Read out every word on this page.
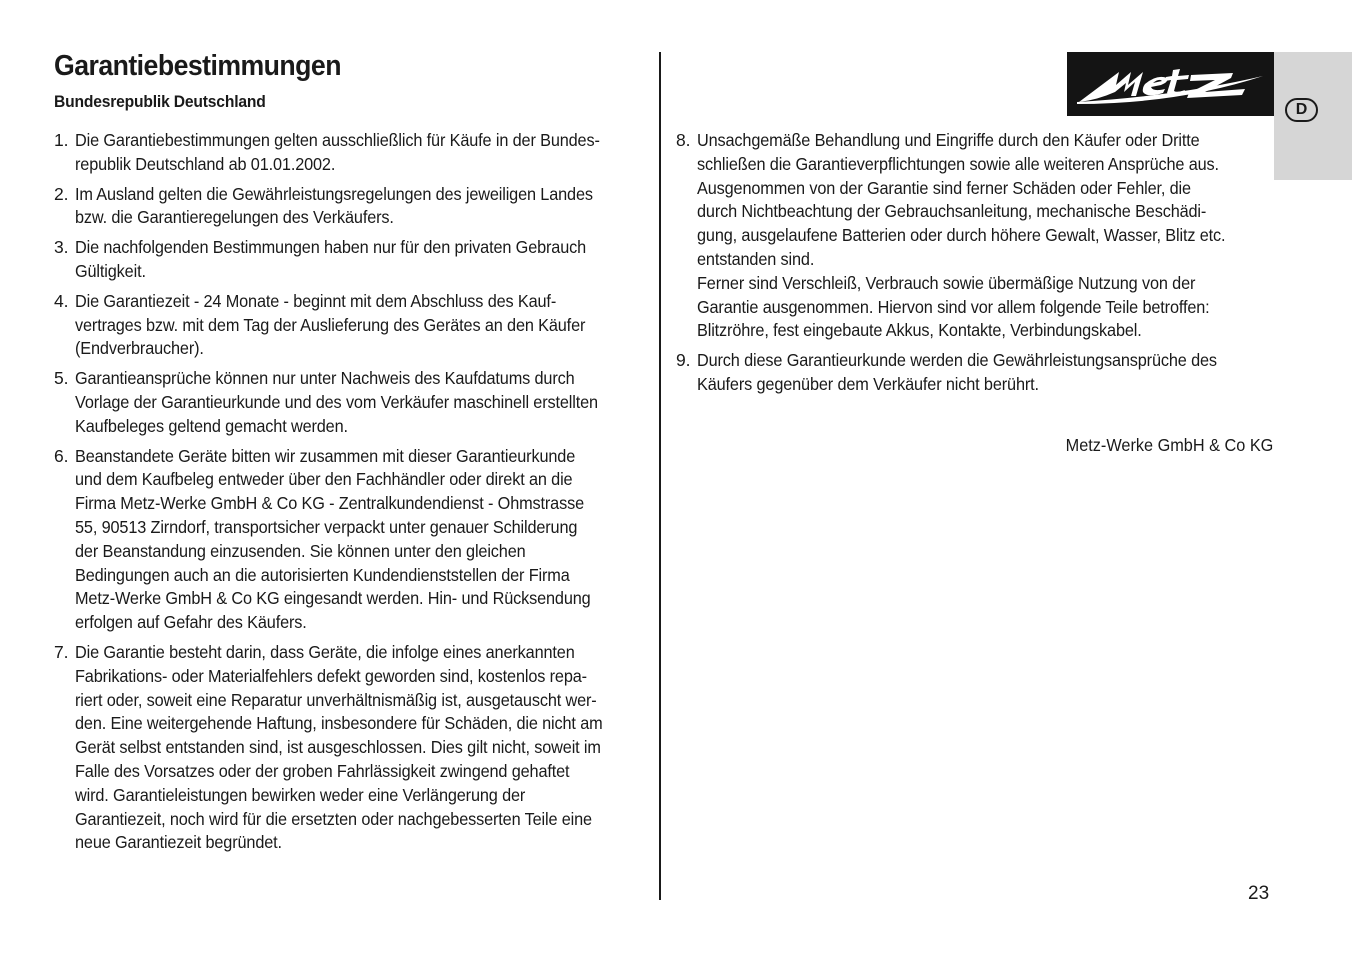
Garantiebestimmungen
Bundesrepublik Deutschland
1. Die Garantiebestimmungen gelten ausschließlich für Käufe in der Bundes-
republik Deutschland ab 01.01.2002.
2. Im Ausland gelten die Gewährleistungsregelungen des jeweiligen Landes
bzw. die Garantieregelungen des Verkäufers.
3. Die nachfolgenden Bestimmungen haben nur für den privaten Gebrauch
Gültigkeit.
4. Die Garantiezeit - 24 Monate - beginnt mit dem Abschluss des Kauf-
vertrages bzw. mit dem Tag der Auslieferung des Gerätes an den Käufer
(Endverbraucher).
5. Garantieansprüche können nur unter Nachweis des Kaufdatums durch
Vorlage der Garantieurkunde und des vom Verkäufer maschinell erstellten
Kaufbeleges geltend gemacht werden.
6. Beanstandete Geräte bitten wir zusammen mit dieser Garantieurkunde
und dem Kaufbeleg entweder über den Fachhändler oder direkt an die
Firma Metz-Werke GmbH & Co KG - Zentralkundendienst - Ohmstrasse
55, 90513 Zirndorf, transportsicher verpackt unter genauer Schilderung
der Beanstandung einzusenden. Sie können unter den gleichen
Bedingungen auch an die autorisierten Kundendienststellen der Firma
Metz-Werke GmbH & Co KG eingesandt werden. Hin- und Rücksendung
erfolgen auf Gefahr des Käufers.
7. Die Garantie besteht darin, dass Geräte, die infolge eines anerkannten
Fabrikations- oder Materialfehlers defekt geworden sind, kostenlos repa-
riert oder, soweit eine Reparatur unverhältnismäßig ist, ausgetauscht wer-
den. Eine weitergehende Haftung, insbesondere für Schäden, die nicht am
Gerät selbst entstanden sind, ist ausgeschlossen. Dies gilt nicht, soweit im
Falle des Vorsatzes oder der groben Fahrlässigkeit zwingend gehaftet
wird. Garantieleistungen bewirken weder eine Verlängerung der
Garantiezeit, noch wird für die ersetzten oder nachgebesserten Teile eine
neue Garantiezeit begründet.
D
8. Unsachgemäße Behandlung und Eingriffe durch den Käufer oder Dritte
schließen die Garantieverpflichtungen sowie alle weiteren Ansprüche aus.
Ausgenommen von der Garantie sind ferner Schäden oder Fehler, die
durch Nichtbeachtung der Gebrauchsanleitung, mechanische Beschädi-
gung, ausgelaufene Batterien oder durch höhere Gewalt, Wasser, Blitz etc.
entstanden sind.
Ferner sind Verschleiß, Verbrauch sowie übermäßige Nutzung von der
Garantie ausgenommen. Hiervon sind vor allem folgende Teile betroffen:
Blitzröhre, fest eingebaute Akkus, Kontakte, Verbindungskabel.
9. Durch diese Garantieurkunde werden die Gewährleistungsansprüche des
Käufers gegenüber dem Verkäufer nicht berührt.
Metz-Werke GmbH & Co KG
23
